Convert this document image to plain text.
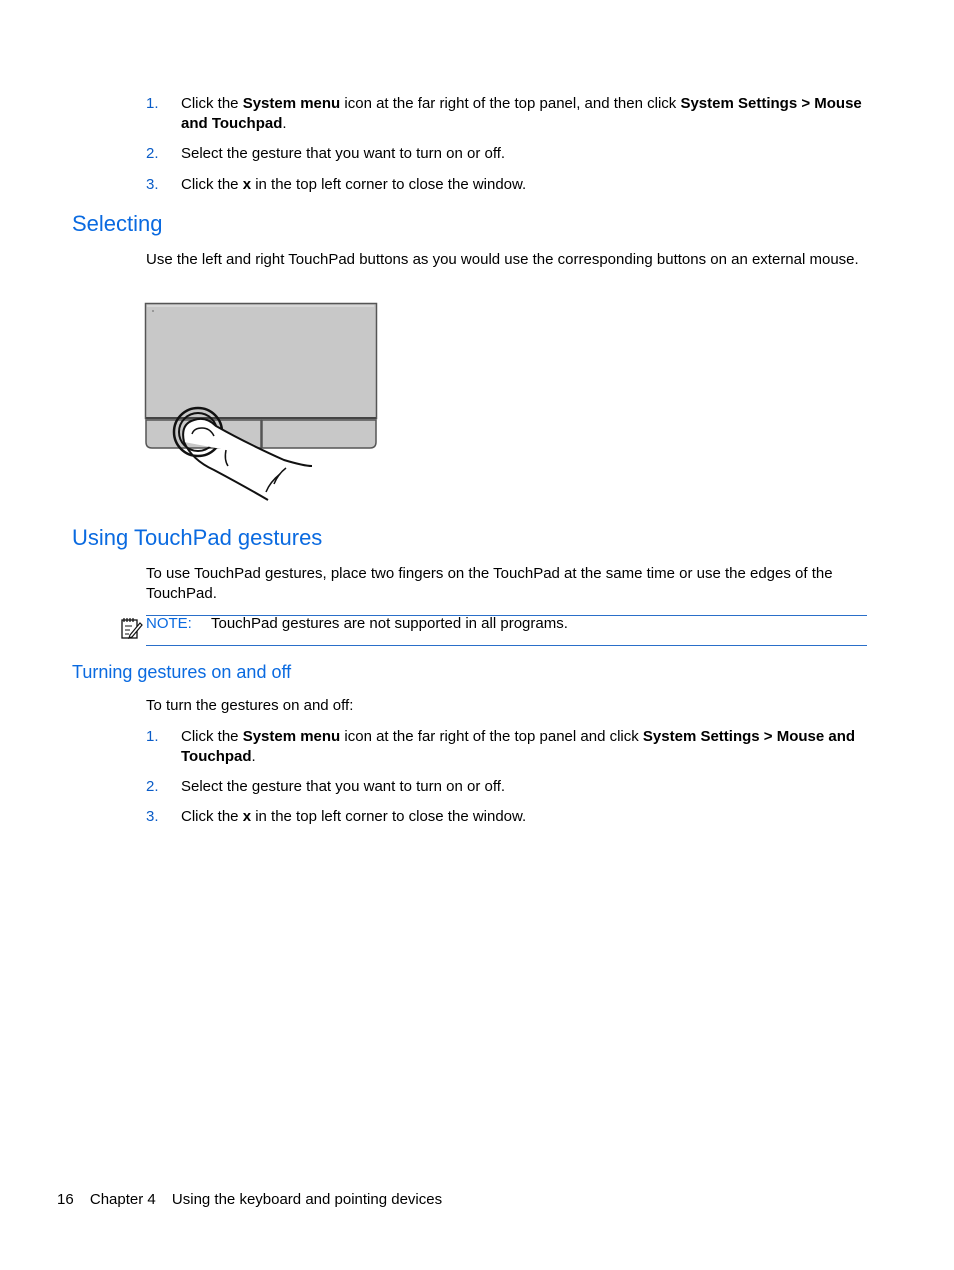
1. Click the System menu icon at the far right of the top panel, and then click System Settings > Mouse and Touchpad.
2. Select the gesture that you want to turn on or off.
3. Click the x in the top left corner to close the window.
Selecting
Use the left and right TouchPad buttons as you would use the corresponding buttons on an external mouse.
Using TouchPad gestures
To use TouchPad gestures, place two fingers on the TouchPad at the same time or use the edges of the TouchPad.
NOTE: TouchPad gestures are not supported in all programs.
Turning gestures on and off
To turn the gestures on and off:
1. Click the System menu icon at the far right of the top panel and click System Settings > Mouse and Touchpad.
2. Select the gesture that you want to turn on or off.
3. Click the x in the top left corner to close the window.
16 Chapter 4 Using the keyboard and pointing devices
